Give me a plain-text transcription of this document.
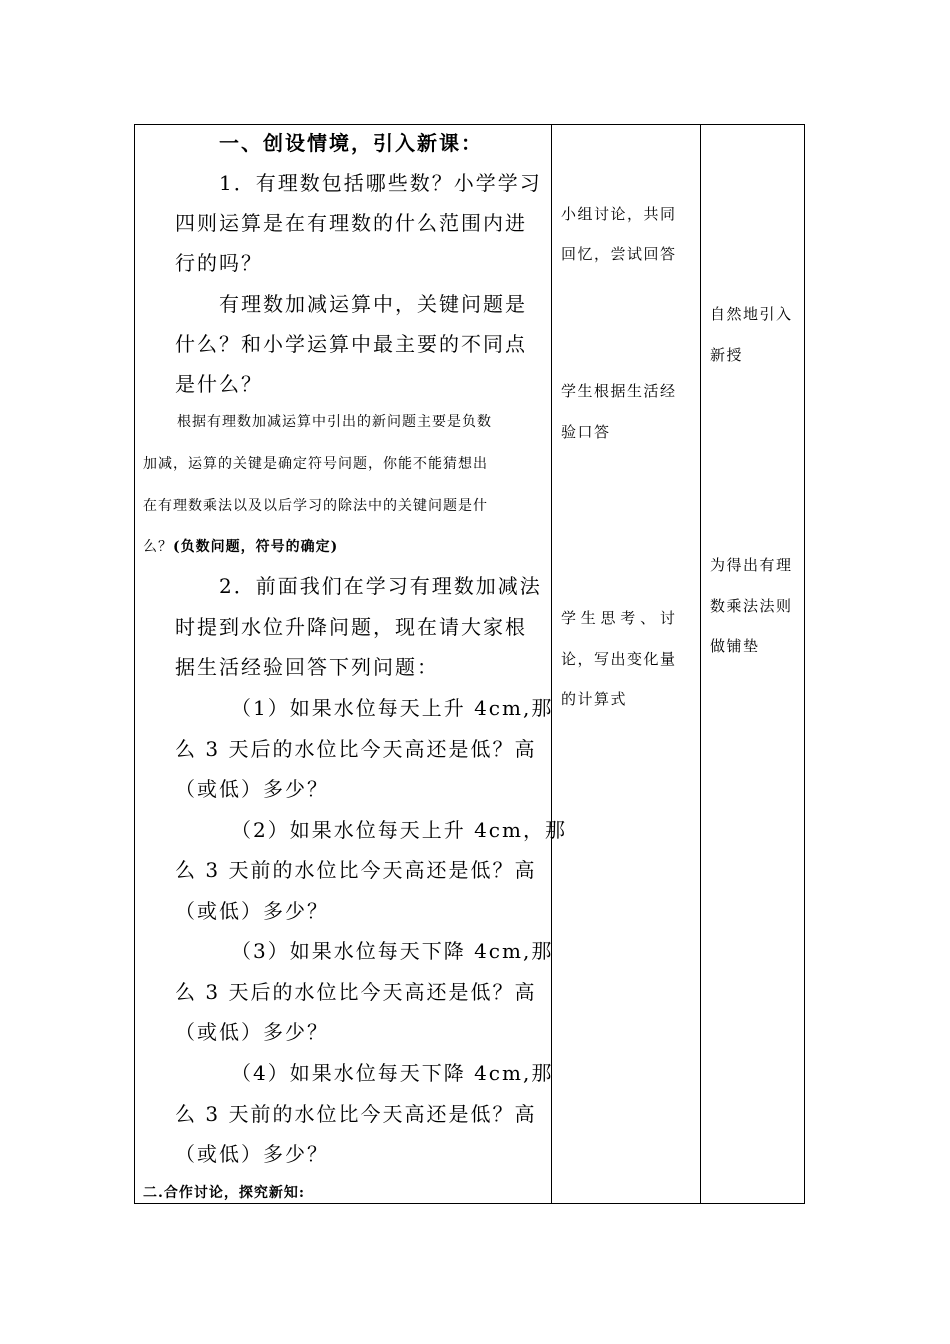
一、创设情境，引入新课：
1．有理数包括哪些数？小学学习
四则运算是在有理数的什么范围内进
行的吗？
有理数加减运算中，关键问题是
什么？和小学运算中最主要的不同点
是什么？
根据有理数加减运算中引出的新问题主要是负数
加减，运算的关键是确定符号问题，你能不能猜想出
在有理数乘法以及以后学习的除法中的关键问题是什
么？(负数问题，符号的确定)
2．前面我们在学习有理数加减法
时提到水位升降问题，现在请大家根
据生活经验回答下列问题：
（1）如果水位每天上升 4cm,那
么 3 天后的水位比今天高还是低？高
（或低）多少？
（2）如果水位每天上升 4cm，那
么 3 天前的水位比今天高还是低？高
（或低）多少？
（3）如果水位每天下降 4cm,那
么 3 天后的水位比今天高还是低？高
（或低）多少？
（4）如果水位每天下降 4cm,那
么 3 天前的水位比今天高还是低？高
（或低）多少？
二.合作讨论，探究新知:
小组讨论，共同
回忆，尝试回答
学生根据生活经
验口答
学 生 思 考 、 讨
论，写出变化量
的计算式
自然地引入
新授
为得出有理
数乘法法则
做铺垫
